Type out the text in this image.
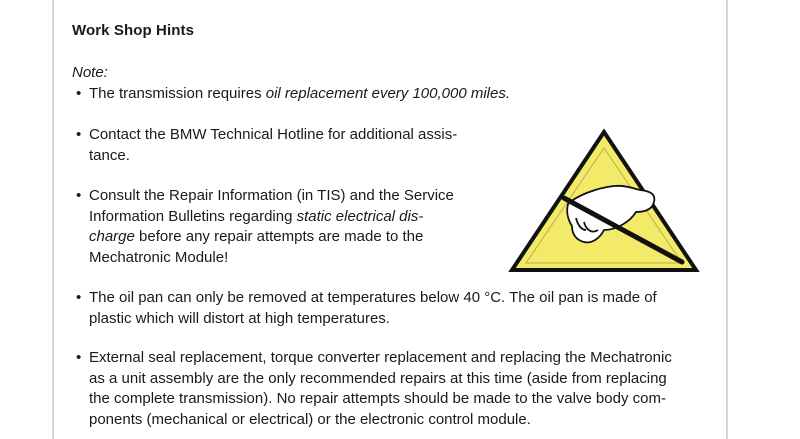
Work Shop Hints
Note:
• The transmission requires oil replacement every 100,000 miles.
• Contact the BMW Technical Hotline for additional assis-
tance.
• Consult the Repair Information (in TIS) and the Service
Information Bulletins regarding static electrical dis-
charge before any repair attempts are made to the
Mechatronic Module!
• The oil pan can only be removed at temperatures below 40 °C. The oil pan is made of
plastic which will distort at high temperatures.
• External seal replacement, torque converter replacement and replacing the Mechatronic
as a unit assembly are the only recommended repairs at this time (aside from replacing
the complete transmission). No repair attempts should be made to the valve body com-
ponents (mechanical or electrical) or the electronic control module.
